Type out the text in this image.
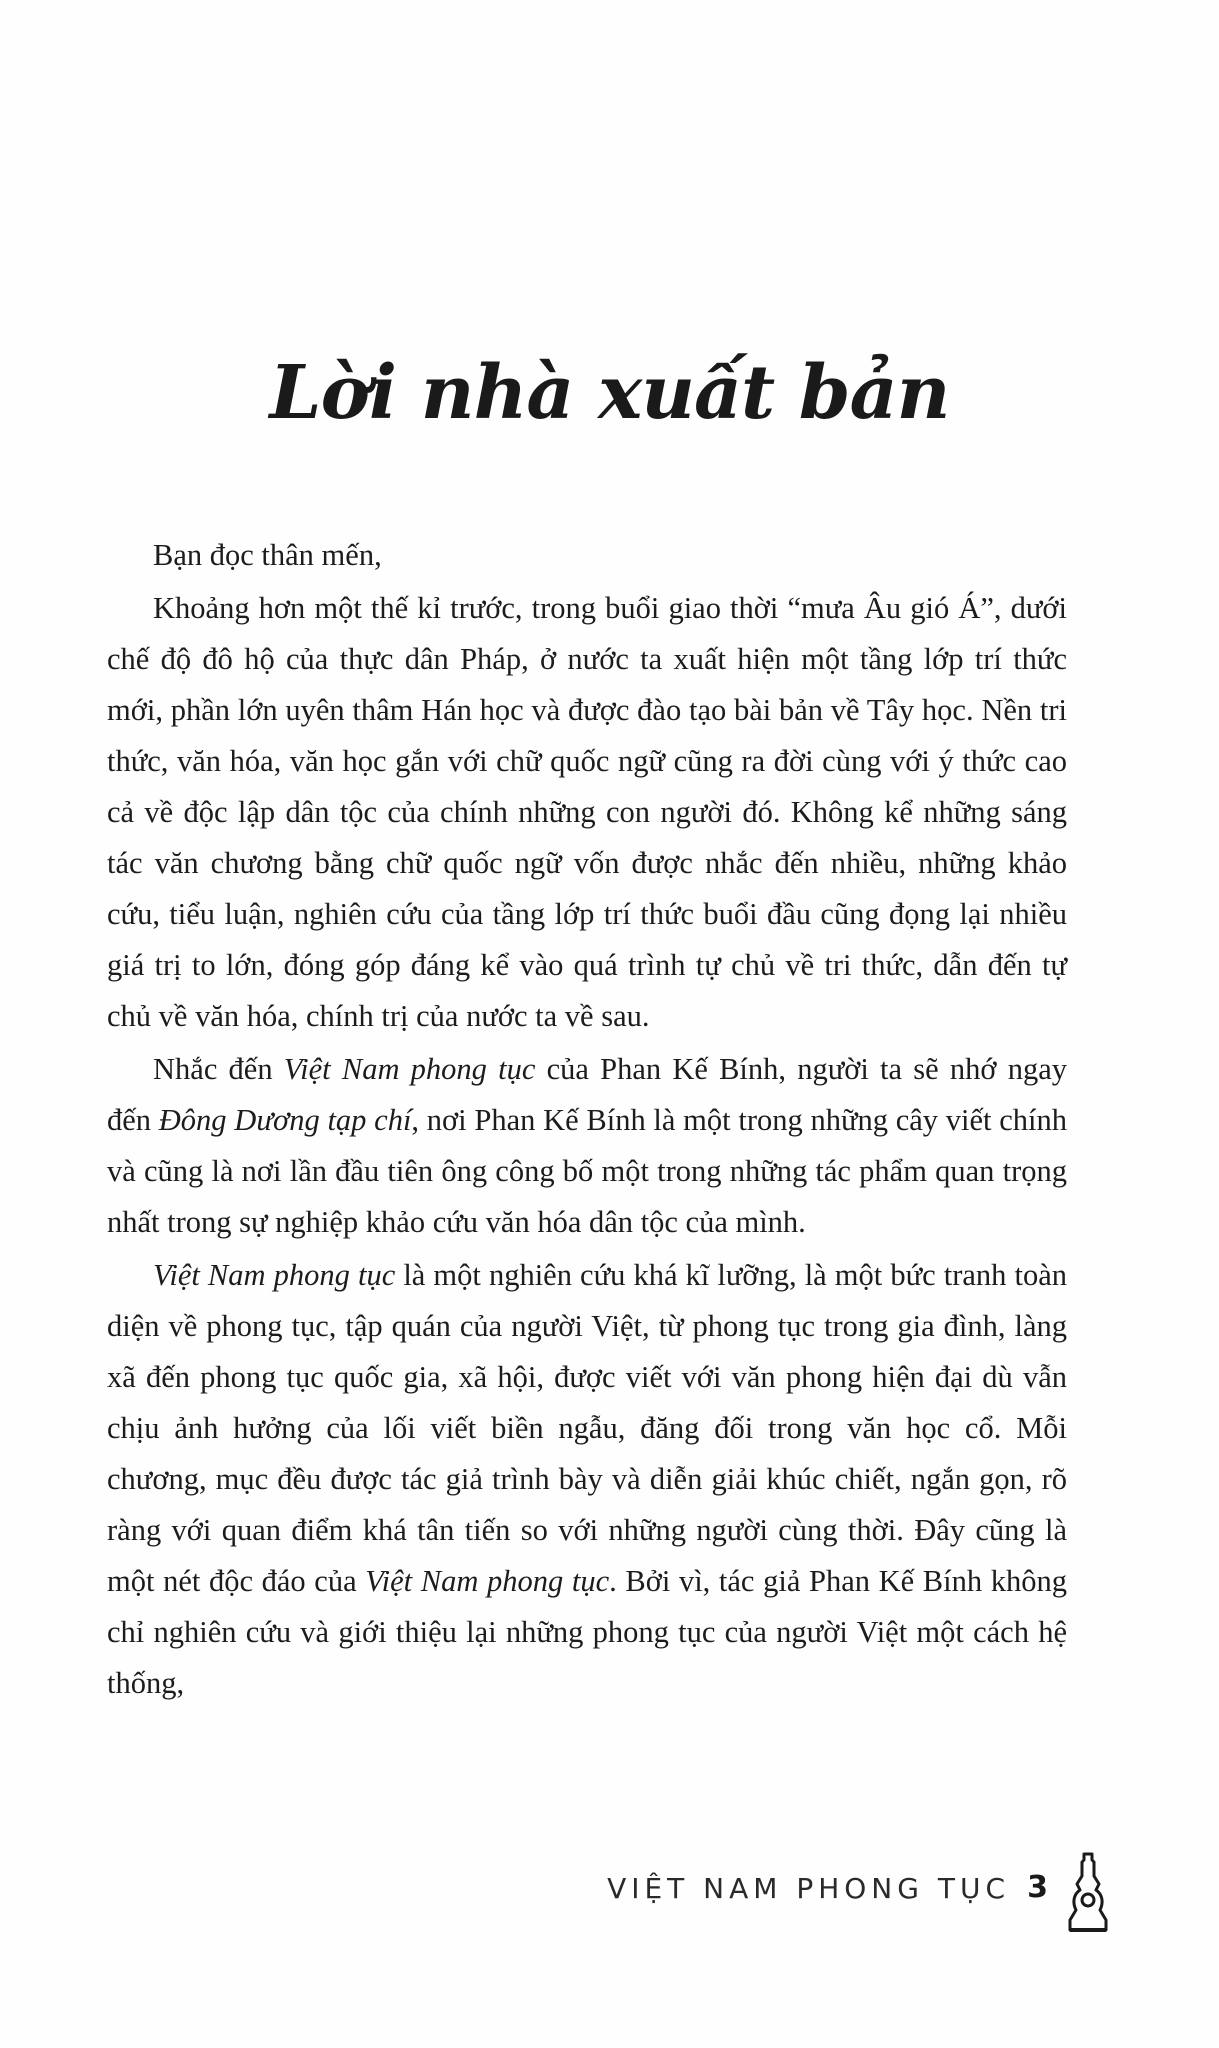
Lời nhà xuất bản

Bạn đọc thân mến,

Khoảng hơn một thế kỉ trước, trong buổi giao thời “mưa Âu gió Á”, dưới chế độ đô hộ của thực dân Pháp, ở nước ta xuất hiện một tầng lớp trí thức mới, phần lớn uyên thâm Hán học và được đào tạo bài bản về Tây học. Nền tri thức, văn hóa, văn học gắn với chữ quốc ngữ cũng ra đời cùng với ý thức cao cả về độc lập dân tộc của chính những con người đó. Không kể những sáng tác văn chương bằng chữ quốc ngữ vốn được nhắc đến nhiều, những khảo cứu, tiểu luận, nghiên cứu của tầng lớp trí thức buổi đầu cũng đọng lại nhiều giá trị to lớn, đóng góp đáng kể vào quá trình tự chủ về tri thức, dẫn đến tự chủ về văn hóa, chính trị của nước ta về sau.

Nhắc đến Việt Nam phong tục của Phan Kế Bính, người ta sẽ nhớ ngay đến Đông Dương tạp chí, nơi Phan Kế Bính là một trong những cây viết chính và cũng là nơi lần đầu tiên ông công bố một trong những tác phẩm quan trọng nhất trong sự nghiệp khảo cứu văn hóa dân tộc của mình.

Việt Nam phong tục là một nghiên cứu khá kĩ lưỡng, là một bức tranh toàn diện về phong tục, tập quán của người Việt, từ phong tục trong gia đình, làng xã đến phong tục quốc gia, xã hội, được viết với văn phong hiện đại dù vẫn chịu ảnh hưởng của lối viết biền ngẫu, đăng đối trong văn học cổ. Mỗi chương, mục đều được tác giả trình bày và diễn giải khúc chiết, ngắn gọn, rõ ràng với quan điểm khá tân tiến so với những người cùng thời. Đây cũng là một nét độc đáo của Việt Nam phong tục. Bởi vì, tác giả Phan Kế Bính không chỉ nghiên cứu và giới thiệu lại những phong tục của người Việt một cách hệ thống,

VIỆT NAM PHONG TỤC 3
